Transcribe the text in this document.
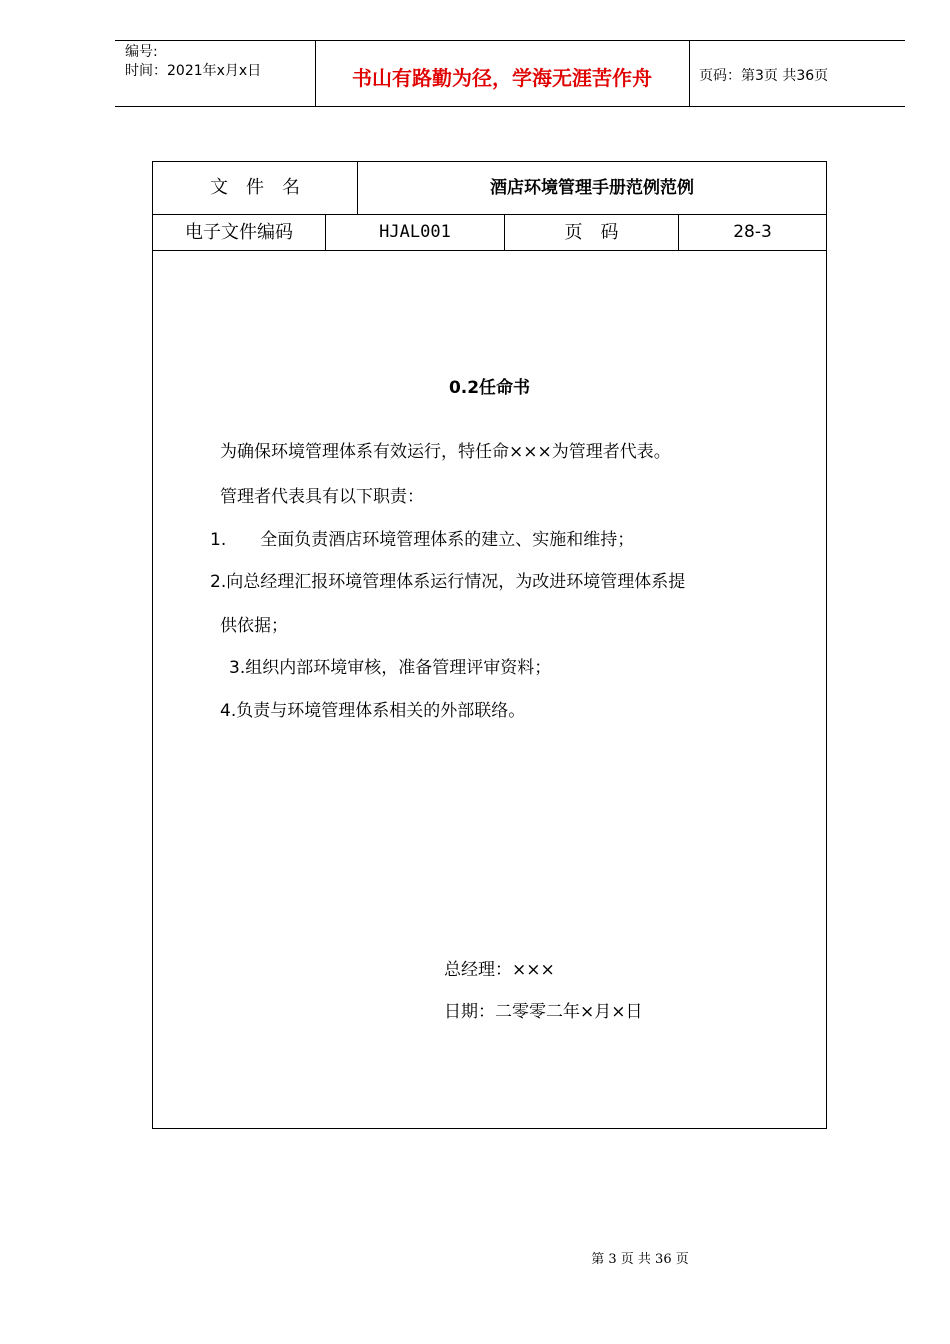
编号:
时间：2021年x月x日	书山有路勤为径，学海无涯苦作舟	页码：第3页 共36页
文　件　名	酒店环境管理手册范例范例
电子文件编码	HJAL001	页　码	28-3
0.2任命书
为确保环境管理体系有效运行，特任命×××为管理者代表。
管理者代表具有以下职责：
1.　　全面负责酒店环境管理体系的建立、实施和维持；
2.向总经理汇报环境管理体系运行情况，为改进环境管理体系提
供依据；
3.组织内部环境审核，准备管理评审资料；
4.负责与环境管理体系相关的外部联络。
总经理：×××
日期：二零零二年×月×日
第 3 页 共 36 页
